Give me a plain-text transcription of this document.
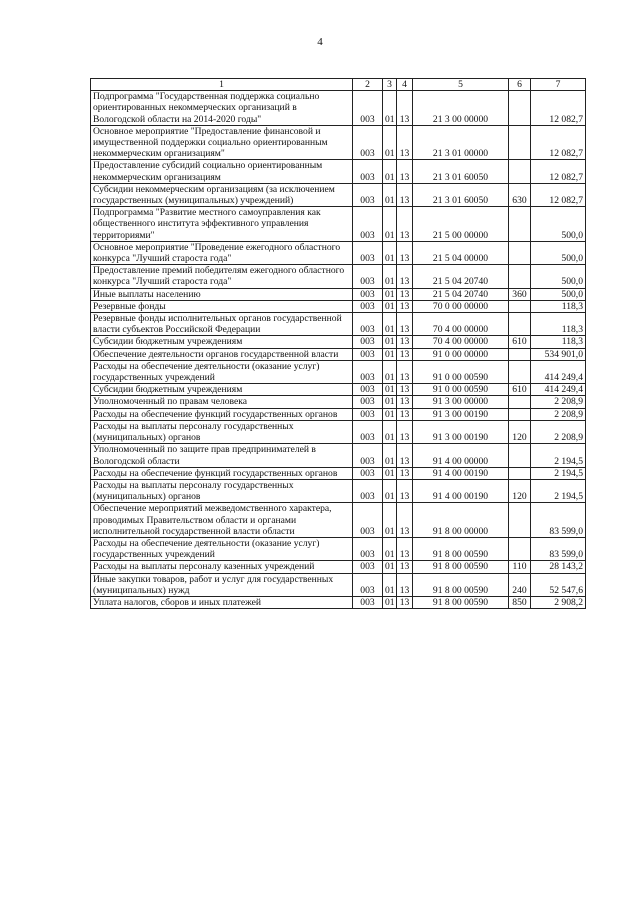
4
1	2	3	4	5	6	7
Подпрограмма "Государственная поддержка социально ориентированных некоммерческих организаций в Вологодской области на 2014-2020 годы"	003	01	13	21 3 00 00000		12 082,7
Основное мероприятие "Предоставление финансовой и имущественной поддержки социально ориентированным некоммерческим организациям"	003	01	13	21 3 01 00000		12 082,7
Предоставление субсидий социально ориентированным некоммерческим организациям	003	01	13	21 3 01 60050		12 082,7
Субсидии некоммерческим организациям (за исключением государственных (муниципальных) учреждений)	003	01	13	21 3 01 60050	630	12 082,7
Подпрограмма "Развитие местного самоуправления как общественного института эффективного управления территориями"	003	01	13	21 5 00 00000		500,0
Основное мероприятие "Проведение ежегодного областного конкурса "Лучший староста года"	003	01	13	21 5 04 00000		500,0
Предоставление премий победителям ежегодного областного конкурса "Лучший староста года"	003	01	13	21 5 04 20740		500,0
Иные выплаты населению	003	01	13	21 5 04 20740	360	500,0
Резервные фонды	003	01	13	70 0 00 00000		118,3
Резервные фонды исполнительных органов государственной власти субъектов Российской Федерации	003	01	13	70 4 00 00000		118,3
Субсидии бюджетным учреждениям	003	01	13	70 4 00 00000	610	118,3
Обеспечение деятельности органов государственной власти	003	01	13	91 0 00 00000		534 901,0
Расходы на обеспечение деятельности (оказание услуг) государственных учреждений	003	01	13	91 0 00 00590		414 249,4
Субсидии бюджетным учреждениям	003	01	13	91 0 00 00590	610	414 249,4
Уполномоченный по правам человека	003	01	13	91 3 00 00000		2 208,9
Расходы на обеспечение функций государственных органов	003	01	13	91 3 00 00190		2 208,9
Расходы на выплаты персоналу государственных (муниципальных) органов	003	01	13	91 3 00 00190	120	2 208,9
Уполномоченный по защите прав предпринимателей в Вологодской области	003	01	13	91 4 00 00000		2 194,5
Расходы на обеспечение функций государственных органов	003	01	13	91 4 00 00190		2 194,5
Расходы на выплаты персоналу государственных (муниципальных) органов	003	01	13	91 4 00 00190	120	2 194,5
Обеспечение мероприятий межведомственного характера, проводимых Правительством области и органами исполнительной государственной власти области	003	01	13	91 8 00 00000		83 599,0
Расходы на обеспечение деятельности (оказание услуг) государственных учреждений	003	01	13	91 8 00 00590		83 599,0
Расходы на выплаты персоналу казенных учреждений	003	01	13	91 8 00 00590	110	28 143,2
Иные закупки товаров, работ и услуг для государственных (муниципальных) нужд	003	01	13	91 8 00 00590	240	52 547,6
Уплата налогов, сборов и иных платежей	003	01	13	91 8 00 00590	850	2 908,2
